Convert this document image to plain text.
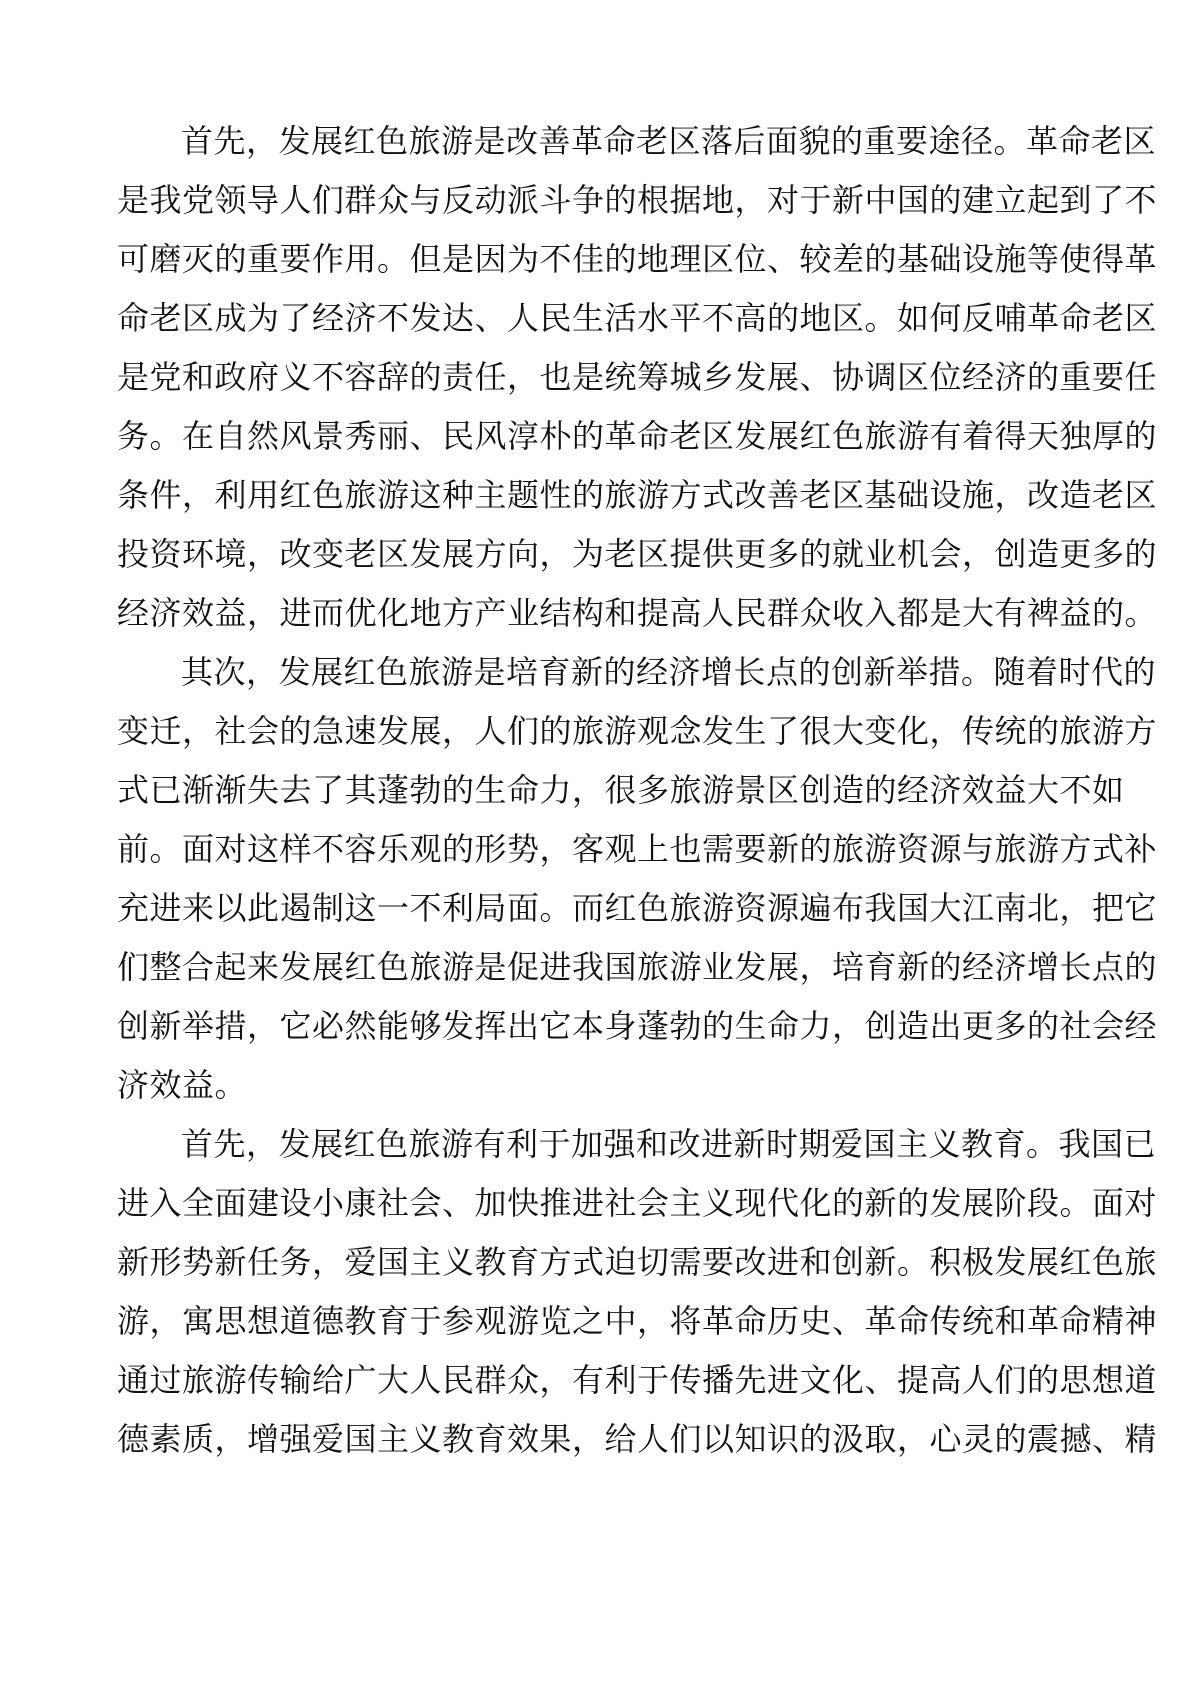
首先，发展红色旅游是改善革命老区落后面貌的重要途径。革命老区
是我党领导人们群众与反动派斗争的根据地，对于新中国的建立起到了不
可磨灭的重要作用。但是因为不佳的地理区位、较差的基础设施等使得革
命老区成为了经济不发达、人民生活水平不高的地区。如何反哺革命老区
是党和政府义不容辞的责任，也是统筹城乡发展、协调区位经济的重要任
务。在自然风景秀丽、民风淳朴的革命老区发展红色旅游有着得天独厚的
条件，利用红色旅游这种主题性的旅游方式改善老区基础设施，改造老区
投资环境，改变老区发展方向，为老区提供更多的就业机会，创造更多的
经济效益，进而优化地方产业结构和提高人民群众收入都是大有裨益的。
其次，发展红色旅游是培育新的经济增长点的创新举措。随着时代的
变迁，社会的急速发展，人们的旅游观念发生了很大变化，传统的旅游方
式已渐渐失去了其蓬勃的生命力，很多旅游景区创造的经济效益大不如
前。面对这样不容乐观的形势，客观上也需要新的旅游资源与旅游方式补
充进来以此遏制这一不利局面。而红色旅游资源遍布我国大江南北，把它
们整合起来发展红色旅游是促进我国旅游业发展，培育新的经济增长点的
创新举措，它必然能够发挥出它本身蓬勃的生命力，创造出更多的社会经
济效益。
首先，发展红色旅游有利于加强和改进新时期爱国主义教育。我国已
进入全面建设小康社会、加快推进社会主义现代化的新的发展阶段。面对
新形势新任务，爱国主义教育方式迫切需要改进和创新。积极发展红色旅
游，寓思想道德教育于参观游览之中，将革命历史、革命传统和革命精神
通过旅游传输给广大人民群众，有利于传播先进文化、提高人们的思想道
德素质，增强爱国主义教育效果，给人们以知识的汲取，心灵的震撼、精
